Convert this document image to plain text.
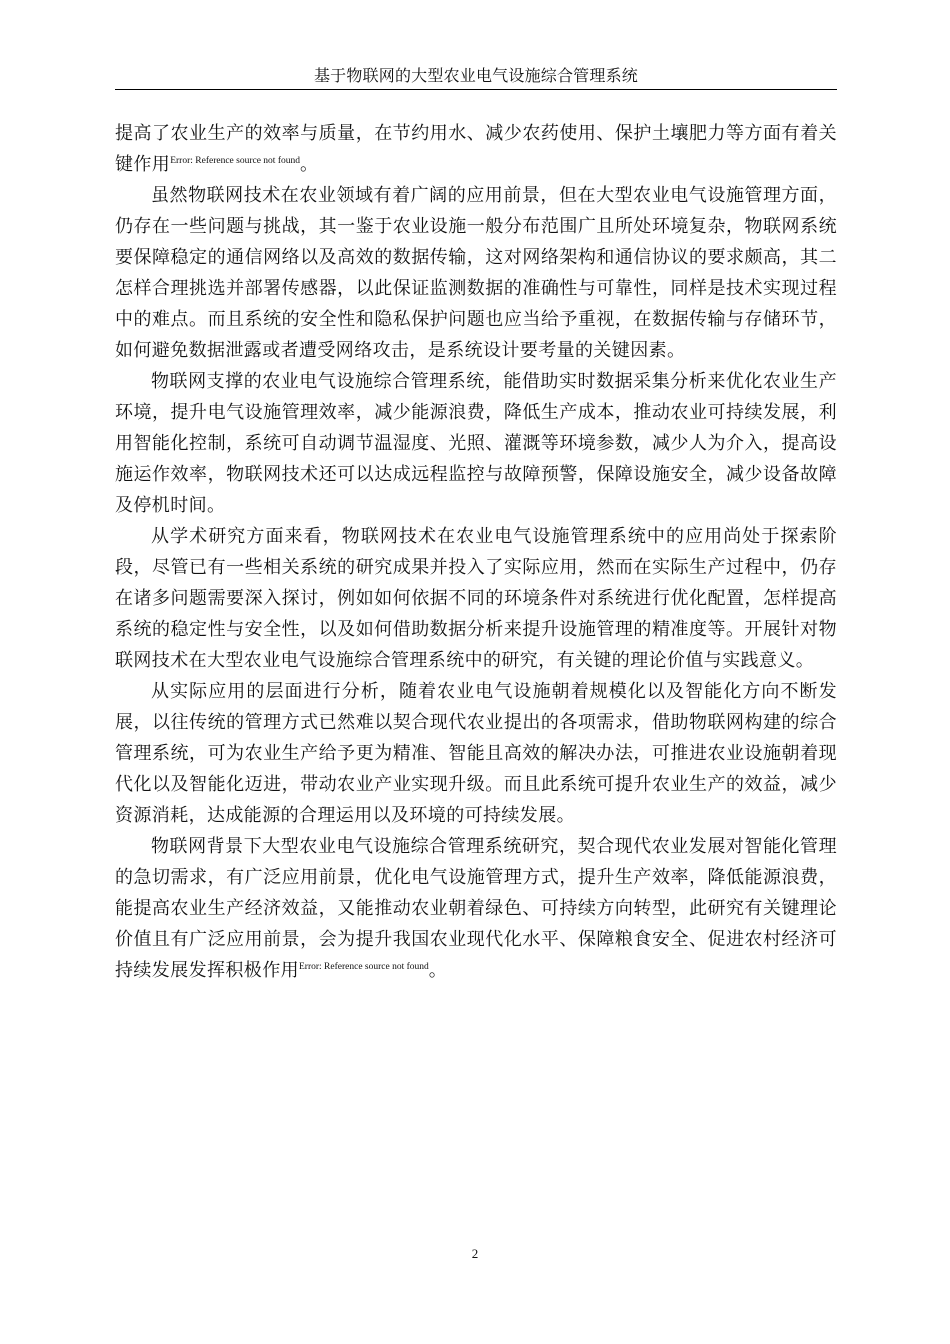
基于物联网的大型农业电气设施综合管理系统

提高了农业生产的效率与质量，在节约用水、减少农药使用、保护土壤肥力等方面有着关键作用$^{Error: Reference source not found}$。

虽然物联网技术在农业领域有着广阔的应用前景，但在大型农业电气设施管理方面，仍存在一些问题与挑战，其一鉴于农业设施一般分布范围广且所处环境复杂，物联网系统要保障稳定的通信网络以及高效的数据传输，这对网络架构和通信协议的要求颇高，其二怎样合理挑选并部署传感器，以此保证监测数据的准确性与可靠性，同样是技术实现过程中的难点。而且系统的安全性和隐私保护问题也应当给予重视，在数据传输与存储环节，如何避免数据泄露或者遭受网络攻击，是系统设计要考量的关键因素。

物联网支撑的农业电气设施综合管理系统，能借助实时数据采集分析来优化农业生产环境，提升电气设施管理效率，减少能源浪费，降低生产成本，推动农业可持续发展，利用智能化控制，系统可自动调节温湿度、光照、灌溉等环境参数，减少人为介入，提高设施运作效率，物联网技术还可以达成远程监控与故障预警，保障设施安全，减少设备故障及停机时间。

从学术研究方面来看，物联网技术在农业电气设施管理系统中的应用尚处于探索阶段，尽管已有一些相关系统的研究成果并投入了实际应用，然而在实际生产过程中，仍存在诸多问题需要深入探讨，例如如何依据不同的环境条件对系统进行优化配置，怎样提高系统的稳定性与安全性，以及如何借助数据分析来提升设施管理的精准度等。开展针对物联网技术在大型农业电气设施综合管理系统中的研究，有关键的理论价值与实践意义。

从实际应用的层面进行分析，随着农业电气设施朝着规模化以及智能化方向不断发展，以往传统的管理方式已然难以契合现代农业提出的各项需求，借助物联网构建的综合管理系统，可为农业生产给予更为精准、智能且高效的解决办法，可推进农业设施朝着现代化以及智能化迈进，带动农业产业实现升级。而且此系统可提升农业生产的效益，减少资源消耗，达成能源的合理运用以及环境的可持续发展。

物联网背景下大型农业电气设施综合管理系统研究，契合现代农业发展对智能化管理的急切需求，有广泛应用前景，优化电气设施管理方式，提升生产效率，降低能源浪费，能提高农业生产经济效益，又能推动农业朝着绿色、可持续方向转型，此研究有关键理论价值且有广泛应用前景，会为提升我国农业现代化水平、保障粮食安全、促进农村经济可持续发展发挥积极作用$^{Error: Reference source not found}$。

2
